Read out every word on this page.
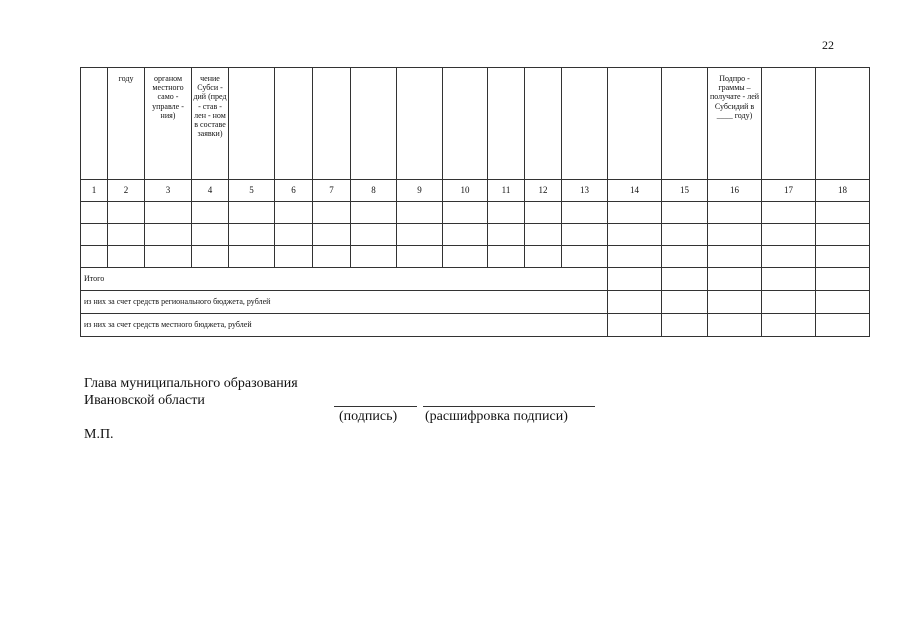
22
	году	органом местного само - управле - ния)	чение Субси - дий (пред - став - лен - ном в составе заявки)												Подпро - граммы – получате - лей Субсидий в ____ году)		
1	2	3	4	5	6	7	8	9	10	11	12	13	14	15	16	17	18

Итого																	
из них за счет средств регионального бюджета, рублей																	
из них за счет средств местного бюджета, рублей																	
Глава муниципального образования
Ивановской области
(подпись) (расшифровка подписи)
М.П.
